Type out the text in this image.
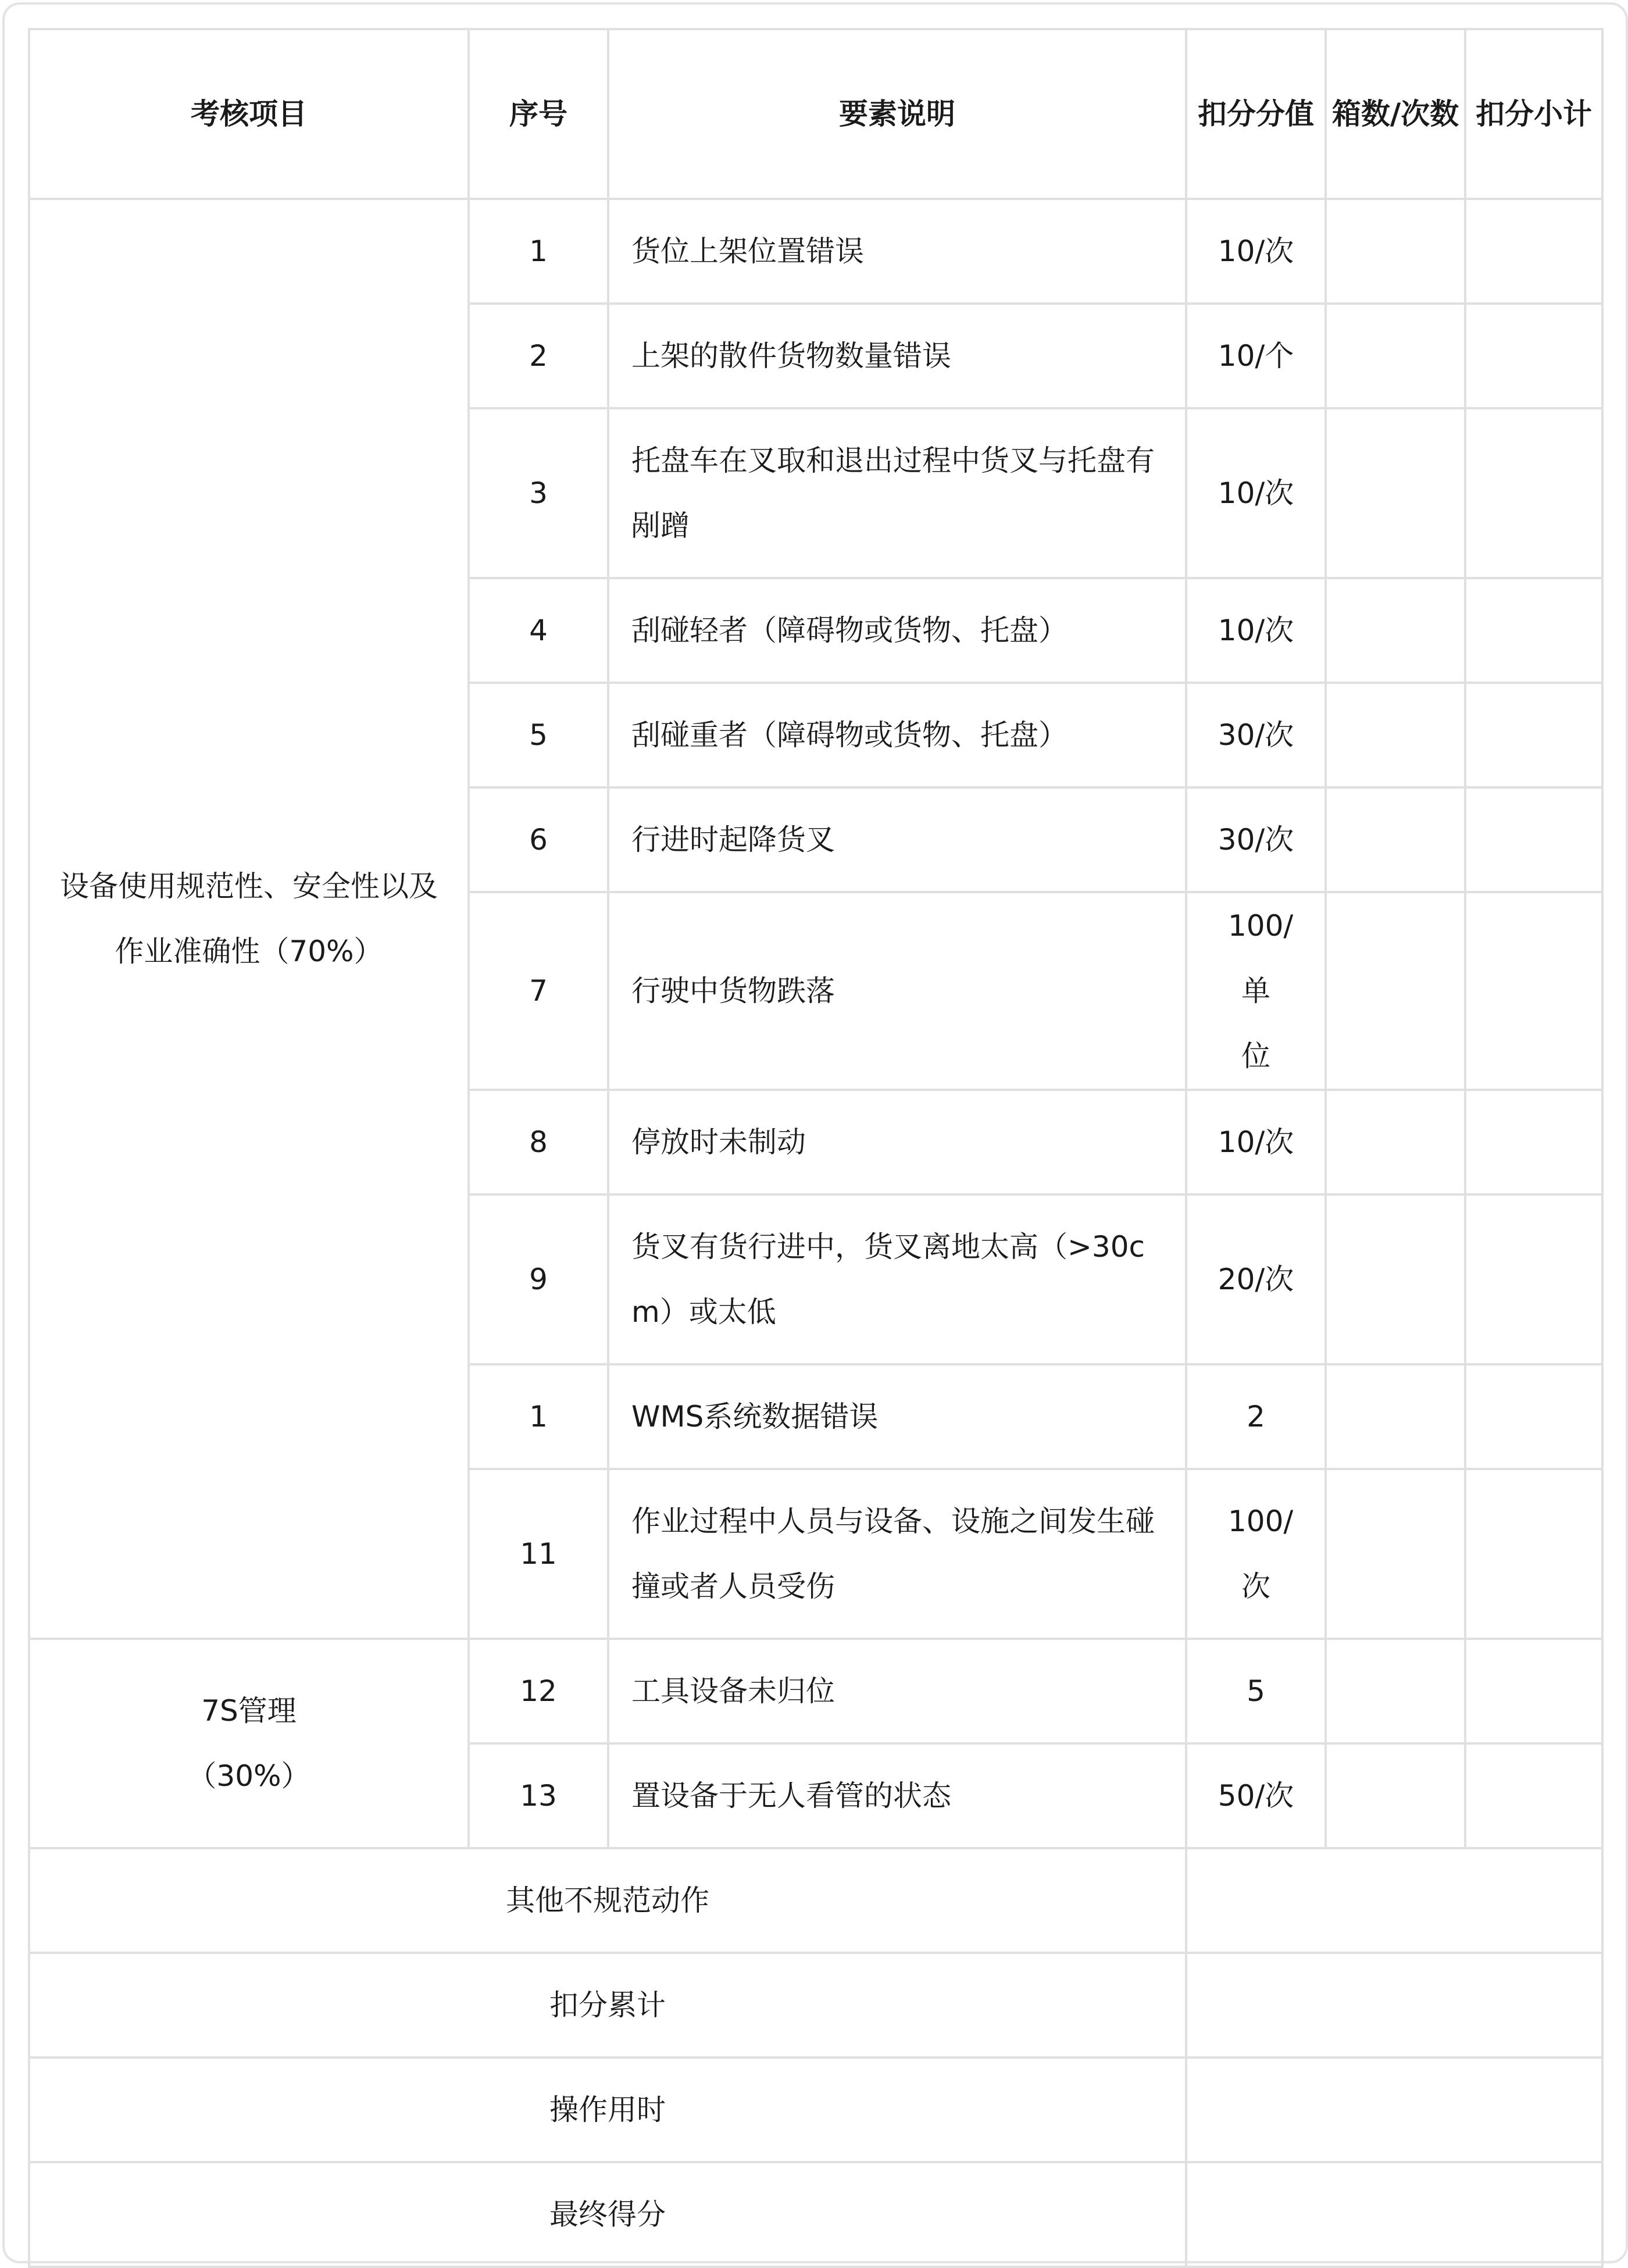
考核项目	序号	要素说明	扣分分值	箱数/次数	扣分小计
设备使用规范性、安全性以及作业准确性（70%）	1	货位上架位置错误	10/次		
	2	上架的散件货物数量错误	10/个		
	3	托盘车在叉取和退出过程中货叉与托盘有剐蹭	10/次		
	4	刮碰轻者（障碍物或货物、托盘）	10/次		
	5	刮碰重者（障碍物或货物、托盘）	30/次		
	6	行进时起降货叉	30/次		
	7	行驶中货物跌落	100/单位		
	8	停放时未制动	10/次		
	9	货叉有货行进中，货叉离地太高（>30cm）或太低	20/次		
	1	WMS系统数据错误	2		
	11	作业过程中人员与设备、设施之间发生碰撞或者人员受伤	100/次		
7S管理（30%）	12	工具设备未归位	5		
	13	置设备于无人看管的状态	50/次		
其他不规范动作					
扣分累计					
操作用时					
最终得分					
